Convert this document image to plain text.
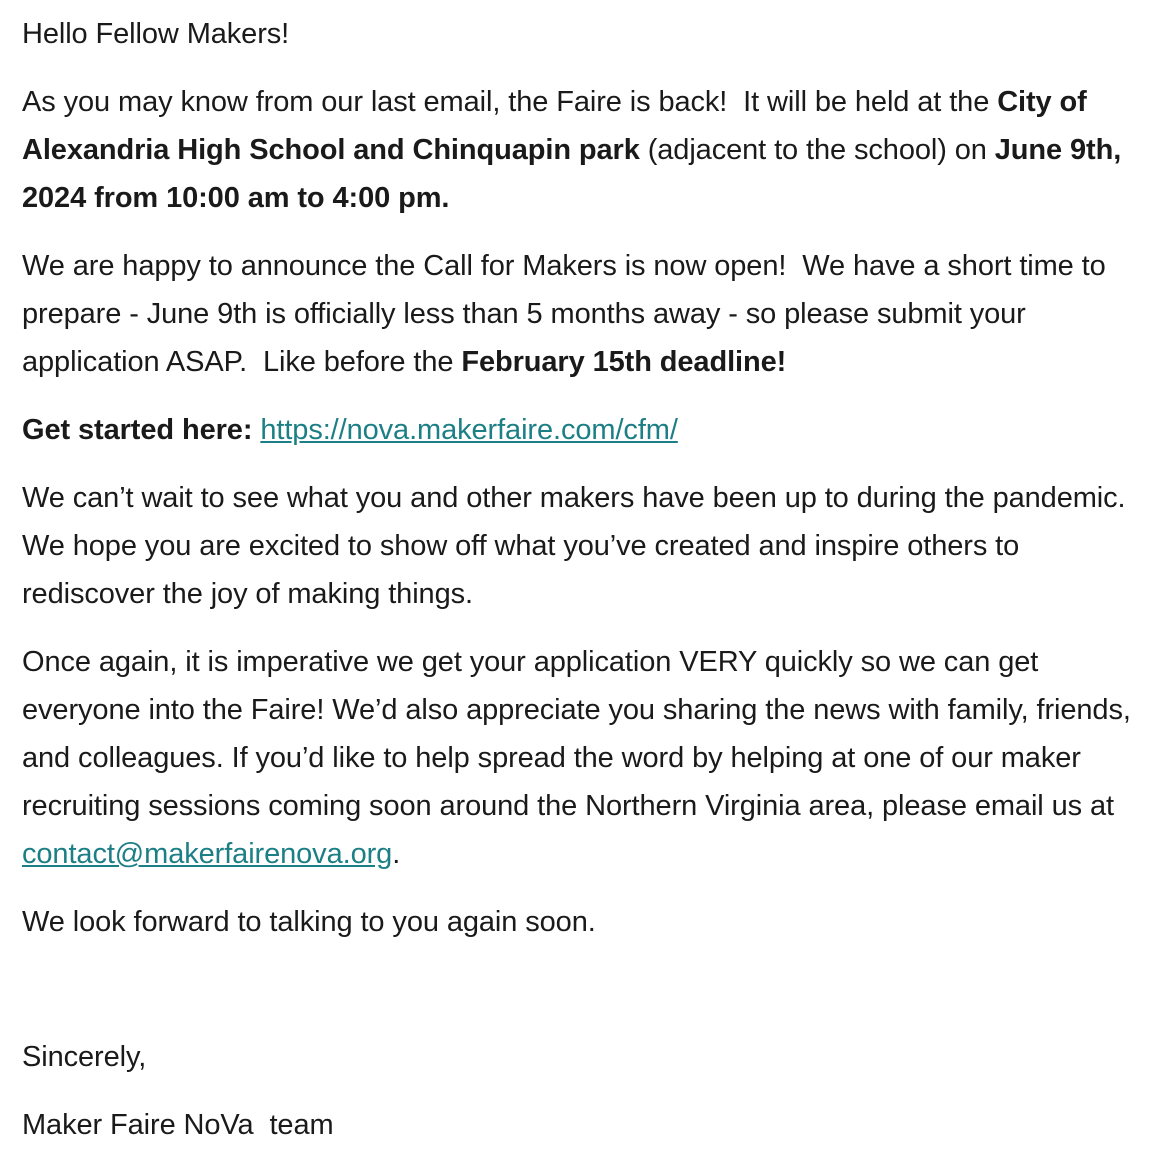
Hello Fellow Makers!

As you may know from our last email, the Faire is back!  It will be held at the City of Alexandria High School and Chinquapin park (adjacent to the school) on June 9th, 2024 from 10:00 am to 4:00 pm.

We are happy to announce the Call for Makers is now open!  We have a short time to prepare - June 9th is officially less than 5 months away - so please submit your application ASAP.  Like before the February 15th deadline!

Get started here: https://nova.makerfaire.com/cfm/

We can’t wait to see what you and other makers have been up to during the pandemic. We hope you are excited to show off what you’ve created and inspire others to rediscover the joy of making things.

Once again, it is imperative we get your application VERY quickly so we can get everyone into the Faire! We’d also appreciate you sharing the news with family, friends, and colleagues. If you’d like to help spread the word by helping at one of our maker recruiting sessions coming soon around the Northern Virginia area, please email us at contact@makerfairenova.org.

We look forward to talking to you again soon.

Sincerely,

Maker Faire NoVa  team
